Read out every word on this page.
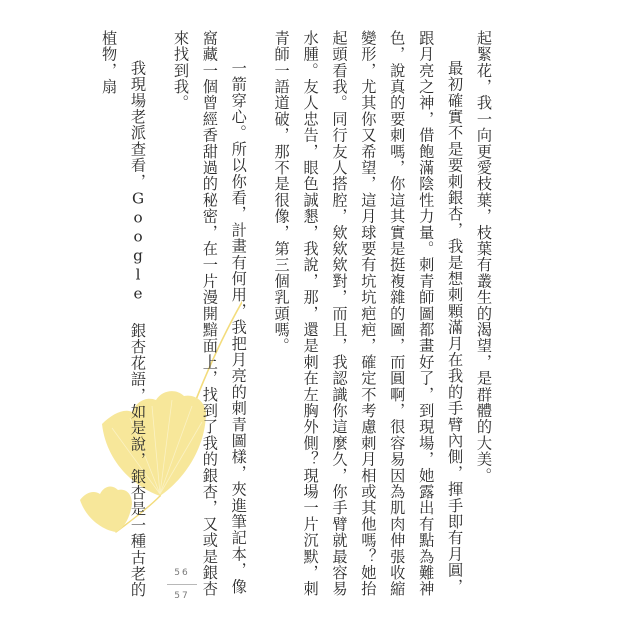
起緊花，我一向更愛枝葉，枝葉有叢生的渴望，是群體的大美。

最初確實不是要刺銀杏，我是想刺顆滿月在我的手臂內側，揮手即有月圓，跟月亮之神，借飽滿陰性力量。刺青師圖都畫好了，到現場，她露出有點為難神色，說真的要刺嗎，你這其實是挺複雜的圖，而圓啊，很容易因為肌肉伸張收縮變形，尤其你又希望，這月球要有坑坑疤疤，確定不考慮刺月相或其他嗎？她抬起頭看我。同行友人搭腔，欸欸欸對，而且，我認識你這麼久，你手臂就最容易水腫。友人忠告，眼色誠懇，我說，那，還是刺在左胸外側？現場一片沉默，刺青師一語道破，那不是很像，第三個乳頭嗎。

一箭穿心。所以你看，計畫有何用，我把月亮的刺青圖樣，夾進筆記本，像窩藏一個曾經香甜過的秘密，在一片漫開黯面上，找到了我的銀杏，又或是銀杏來找到我。

我現場老派查看，Google 銀杏花語，如是說，銀杏是一種古老的植物，扇

56
57
